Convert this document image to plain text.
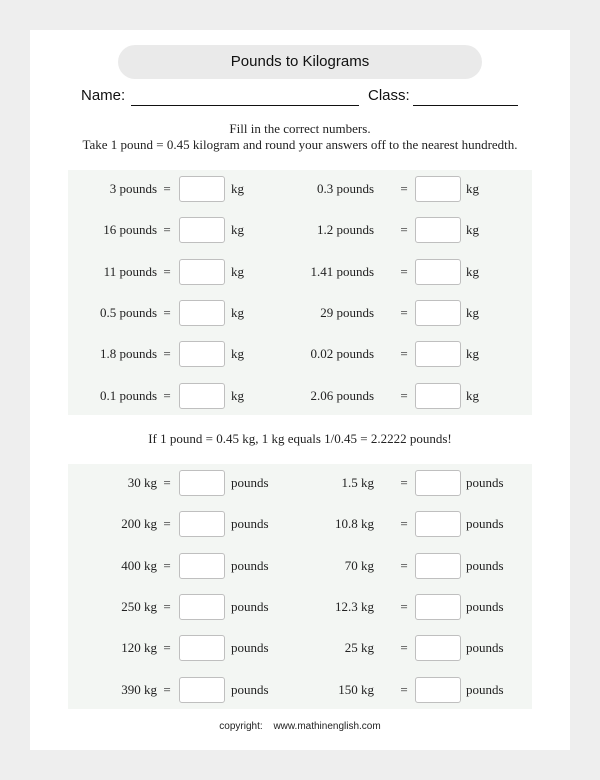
Pounds to Kilograms
Name:	Class:
Fill in the correct numbers.
Take 1 pound = 0.45 kilogram and round your answers off to the nearest hundredth.
3 pounds =	kg	0.3 pounds =	kg
16 pounds =	kg	1.2 pounds =	kg
11 pounds =	kg	1.41 pounds =	kg
0.5 pounds =	kg	29 pounds =	kg
1.8 pounds =	kg	0.02 pounds =	kg
0.1 pounds =	kg	2.06 pounds =	kg
If 1 pound = 0.45 kg, 1 kg equals 1/0.45 = 2.2222 pounds!
30 kg =	pounds	1.5 kg =	pounds
200 kg =	pounds	10.8 kg =	pounds
400 kg =	pounds	70 kg =	pounds
250 kg =	pounds	12.3 kg =	pounds
120 kg =	pounds	25 kg =	pounds
390 kg =	pounds	150 kg =	pounds
copyright: www.mathinenglish.com
